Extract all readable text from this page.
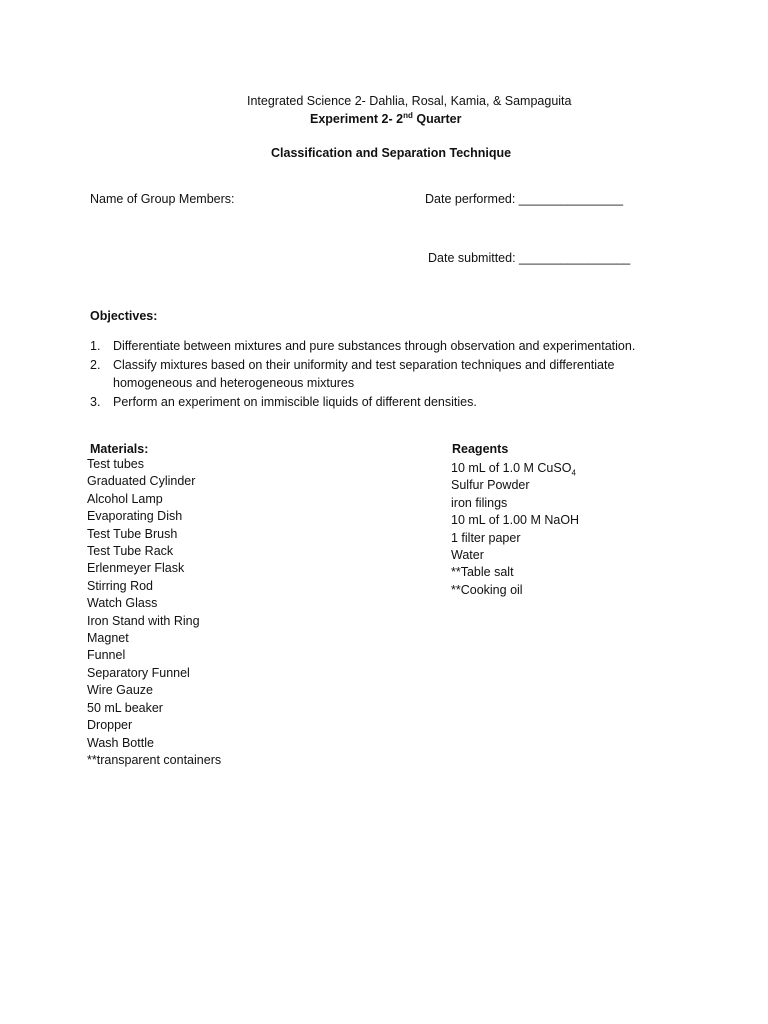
Integrated Science 2- Dahlia, Rosal, Kamia, & Sampaguita
Experiment 2- 2nd Quarter
Classification and Separation Technique
Name of Group Members:	Date performed: _______________
Date submitted: ________________
Objectives:
1.	Differentiate between mixtures and pure substances through observation and experimentation.
2.	Classify mixtures based on their uniformity and test separation techniques and differentiate homogeneous and heterogeneous mixtures
3.	Perform an experiment on immiscible liquids of different densities.
Materials:
Test tubes
Graduated Cylinder
Alcohol Lamp
Evaporating Dish
Test Tube Brush
Test Tube Rack
Erlenmeyer Flask
Stirring Rod
Watch Glass
Iron Stand with Ring
Magnet
Funnel
Separatory Funnel
Wire Gauze
50 mL beaker
Dropper
Wash Bottle
**transparent containers
Reagents
10 mL of 1.0 M CuSO$_4$
Sulfur Powder
iron filings
10 mL of 1.00 M NaOH
1 filter paper
Water
**Table salt
**Cooking oil
